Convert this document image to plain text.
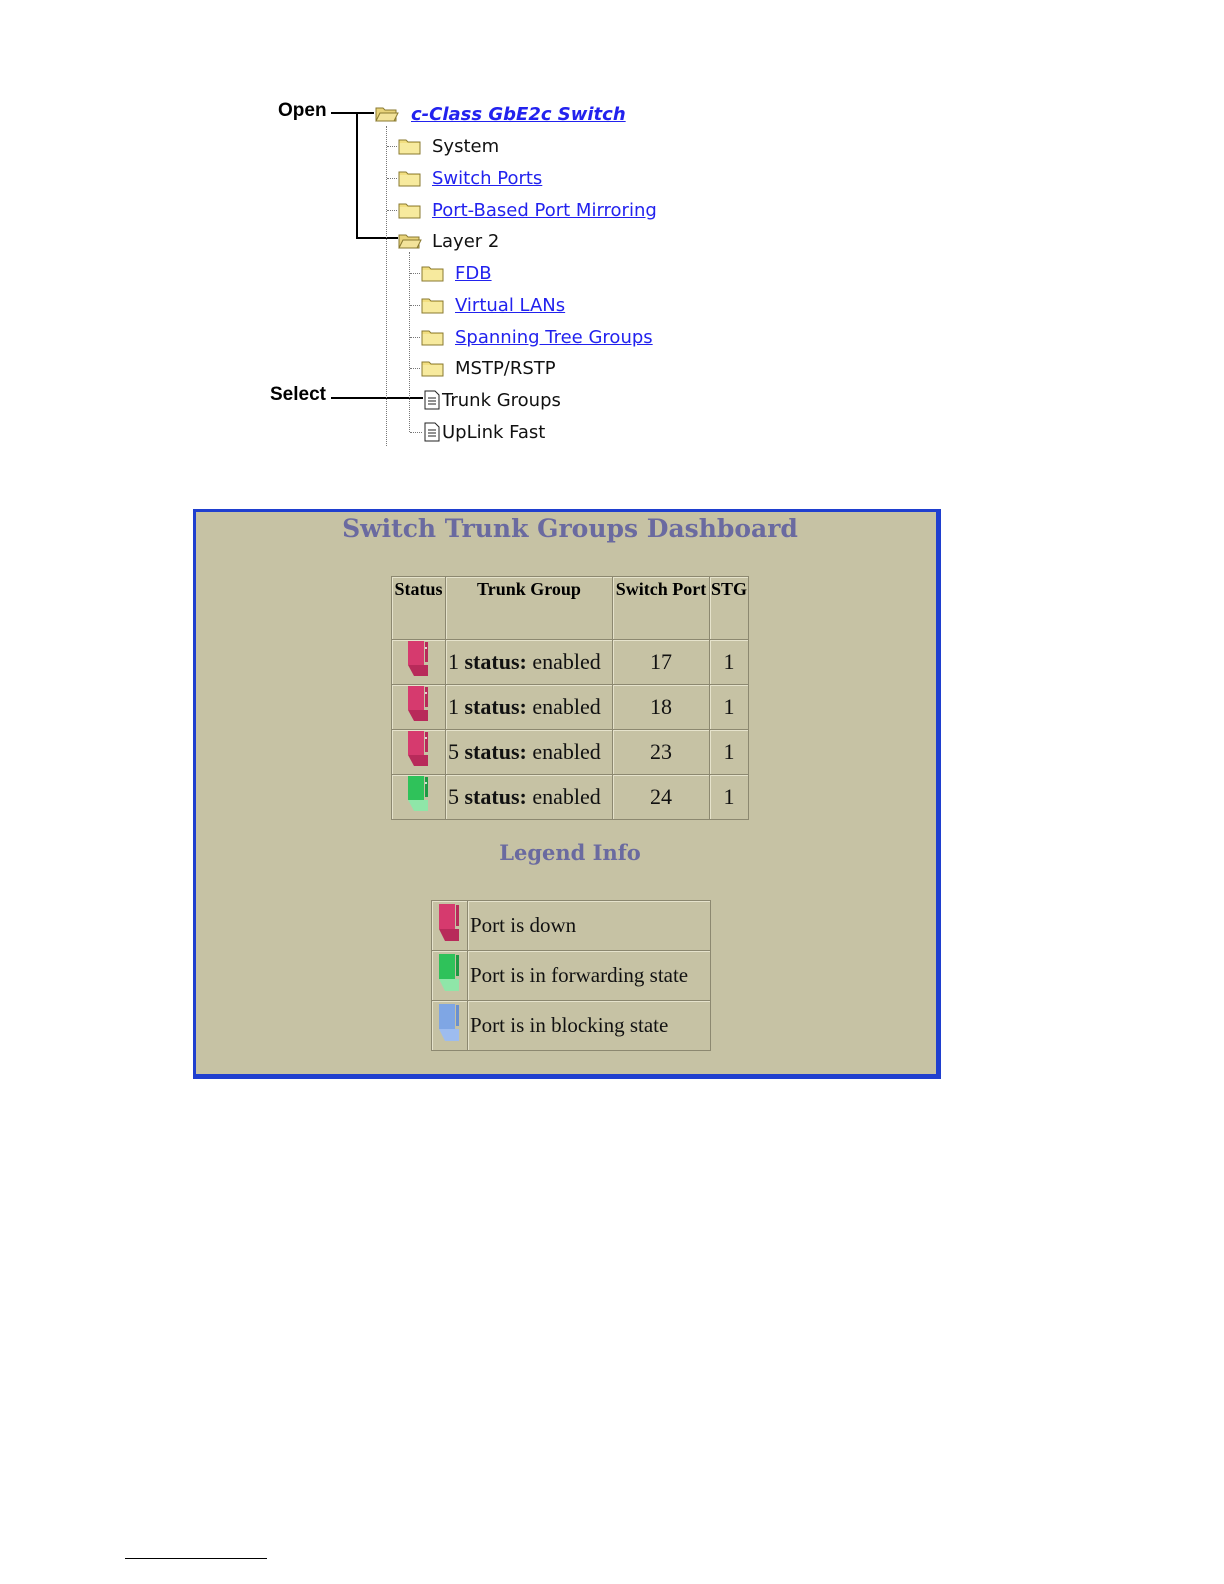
Open
Select
c-Class GbE2c Switch
System
Switch Ports
Port-Based Port Mirroring
Layer 2
FDB
Virtual LANs
Spanning Tree Groups
MSTP/RSTP
Trunk Groups
UpLink Fast
Switch Trunk Groups Dashboard
Status	Trunk Group	Switch Port	STG
	1 status: enabled	17	1
	1 status: enabled	18	1
	5 status: enabled	23	1
	5 status: enabled	24	1
Legend Info
	Port is down
	Port is in forwarding state
	Port is in blocking state
